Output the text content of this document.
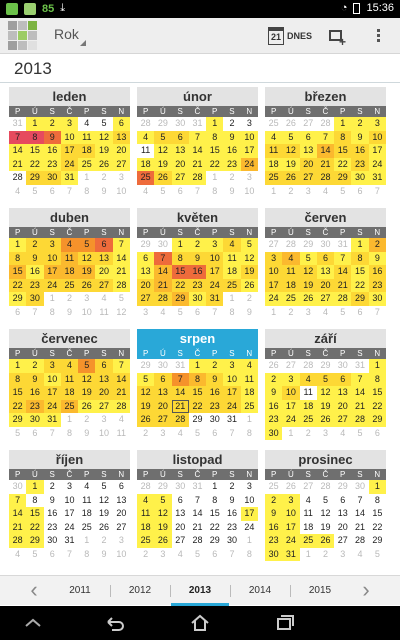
85 ⤓	◔ 15:36
Rok	21 DNES +
2013
leden
P	Ú	S	Č	P	S	N
31	1	2	3	4	5	6
7	8	9	10 11 12 13
14 15 16 17 18 19 20
21 22 23 24 25 26 27
28 29 30 31	1	2	3
4	5	6	7	8	9	10
únor
P	Ú	S	Č	P	S	N
28 29 30 31	1	2	3
4	5	6	7	8	9	10
11 12 13 14 15 16 17
18 19 20 21 22 23 24
25 26 27 28	1	2	3
4	5	6	7	8	9	10
březen
P	Ú	S	Č	P	S	N
25 26 27 28	1	2	3
4	5	6	7	8	9	10
11 12 13 14 15 16 17
18 19 20 21 22 23 24
25 26 27 28 29 30 31
1	2	3	4	5	6	7
duben
P	Ú	S	Č	P	S	N
1	2	3	4	5	6	7
8	9	10 11 12 13 14
15 16 17 18 19 20 21
22 23 24 25 26 27 28
29 30	1	2	3	4	5
6	7	8	9	10 11 12
květen
P	Ú	S	Č	P	S	N
29 30	1	2	3	4	5
6	7	8	9	10 11 12
13 14 15 16 17 18 19
20 21 22 23 24 25 26
27 28 29 30 31	1	2
3	4	5	6	7	8	9
červen
P	Ú	S	Č	P	S	N
27 28 29 30 31	1	2
3	4	5	6	7	8	9
10 11 12 13 14 15 16
17 18 19 20 21 22 23
24 25 26 27 28 29 30
1	2	3	4	5	6	7
červenec
P	Ú	S	Č	P	S	N
1	2	3	4	5	6	7
8	9	10 11 12 13 14
15 16 17 18 19 20 21
22 23 24 25 26 27 28
29 30 31	1	2	3	4
5	6	7	8	9	10 11
srpen
P	Ú	S	Č	P	S	N
29 30 31	1	2	3	4
5	6	7	8	9	10 11
12 13 14 15 16 17 18
19 20 21 22 23 24 25
26 27 28 29 30 31	1
2	3	4	5	6	7	8
září
P	Ú	S	Č	P	S	N
26 27 28 29 30 31	1
2	3	4	5	6	7	8
9	10 11 12 13 14 15
16 17 18 19 20 21 22
23 24 25 26 27 28 29
30	1	2	3	4	5	6
říjen
P	Ú	S	Č	P	S	N
30	1	2	3	4	5	6
7	8	9	10 11 12 13
14 15 16 17 18 19 20
21 22 23 24 25 26 27
28 29 30 31	1	2	3
4	5	6	7	8	9	10
listopad
P	Ú	S	Č	P	S	N
28 29 30 31	1	2	3
4	5	6	7	8	9	10
11 12 13 14 15 16 17
18 19 20 21 22 23 24
25 26 27 28 29 30	1
2	3	4	5	6	7	8
prosinec
P	Ú	S	Č	P	S	N
25 26 27 28 29 30	1
2	3	4	5	6	7	8
9	10 11 12 13 14 15
16 17 18 19 20 21 22
23 24 25 26 27 28 29
30 31	1	2	3	4	5
‹	2011	2012	2013	2014	2015	›
